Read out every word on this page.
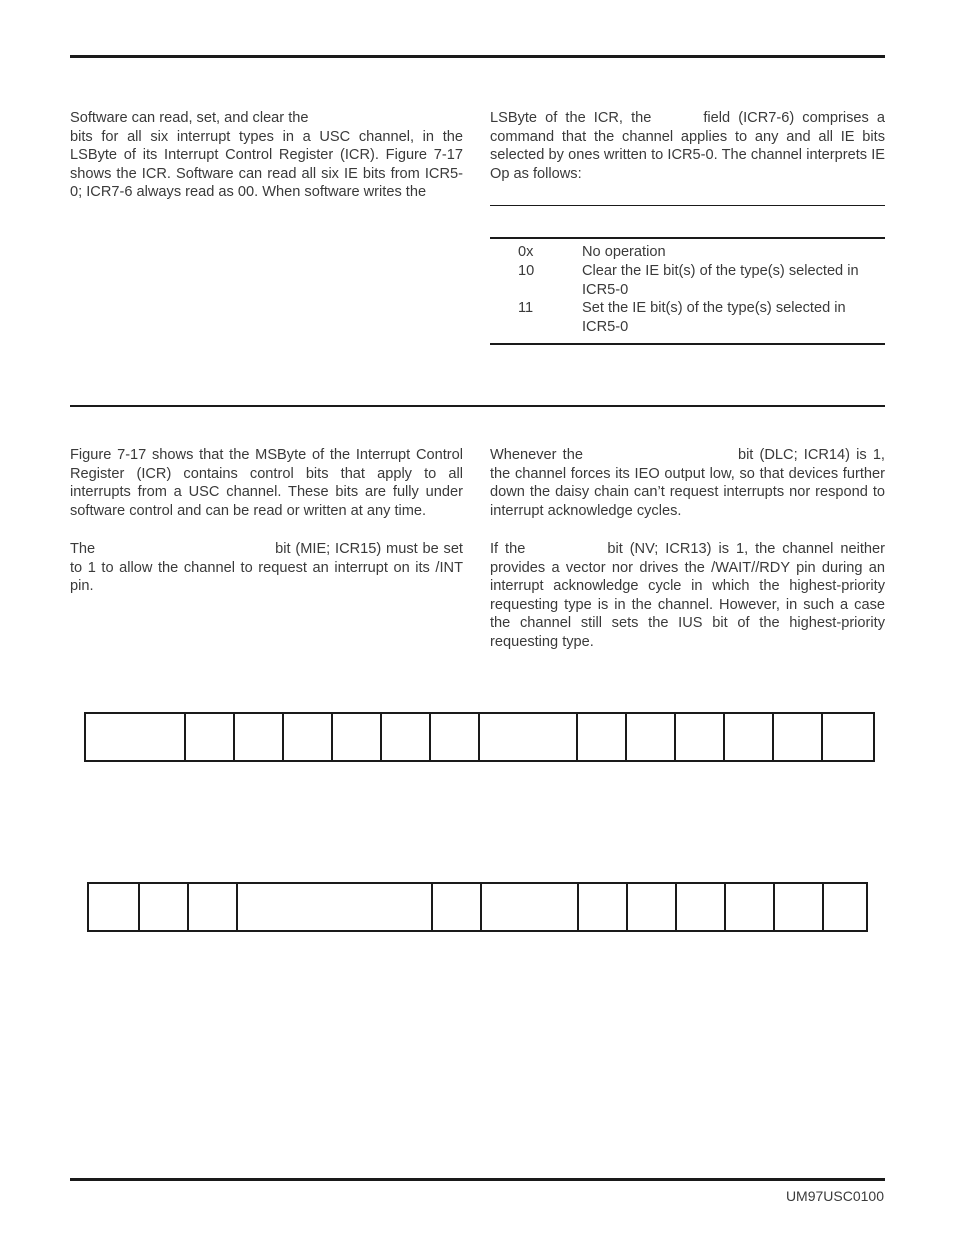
Software can read, set, and clear the
bits for all six interrupt types in a USC channel, in the LSByte of its Interrupt Control Register (ICR). Figure 7-17 shows the ICR. Software can read all six IE bits from ICR5-0; ICR7-6 always read as 00. When software writes the

LSByte of the ICR, the	field (ICR7-6) comprises a command that the channel applies to any and all IE bits selected by ones written to ICR5-0. The channel interprets IE Op as follows:

0x	No operation
10	Clear the IE bit(s) of the type(s) selected in ICR5-0
11	Set the IE bit(s) of the type(s) selected in ICR5-0

Figure 7-17 shows that the MSByte of the Interrupt Control Register (ICR) contains control bits that apply to all interrupts from a USC channel. These bits are fully under software control and can be read or written at any time.

The	bit (MIE; ICR15) must be set to 1 to allow the channel to request an interrupt on its /INT pin.

Whenever the	bit (DLC; ICR14) is 1, the channel forces its IEO output low, so that devices further down the daisy chain can’t request interrupts nor respond to interrupt acknowledge cycles.

If the	bit (NV; ICR13) is 1, the channel neither provides a vector nor drives the /WAIT//RDY pin during an interrupt acknowledge cycle in which the highest-priority requesting type is in the channel. However, in such a case the channel still sets the IUS bit of the highest-priority requesting type.

UM97USC0100
